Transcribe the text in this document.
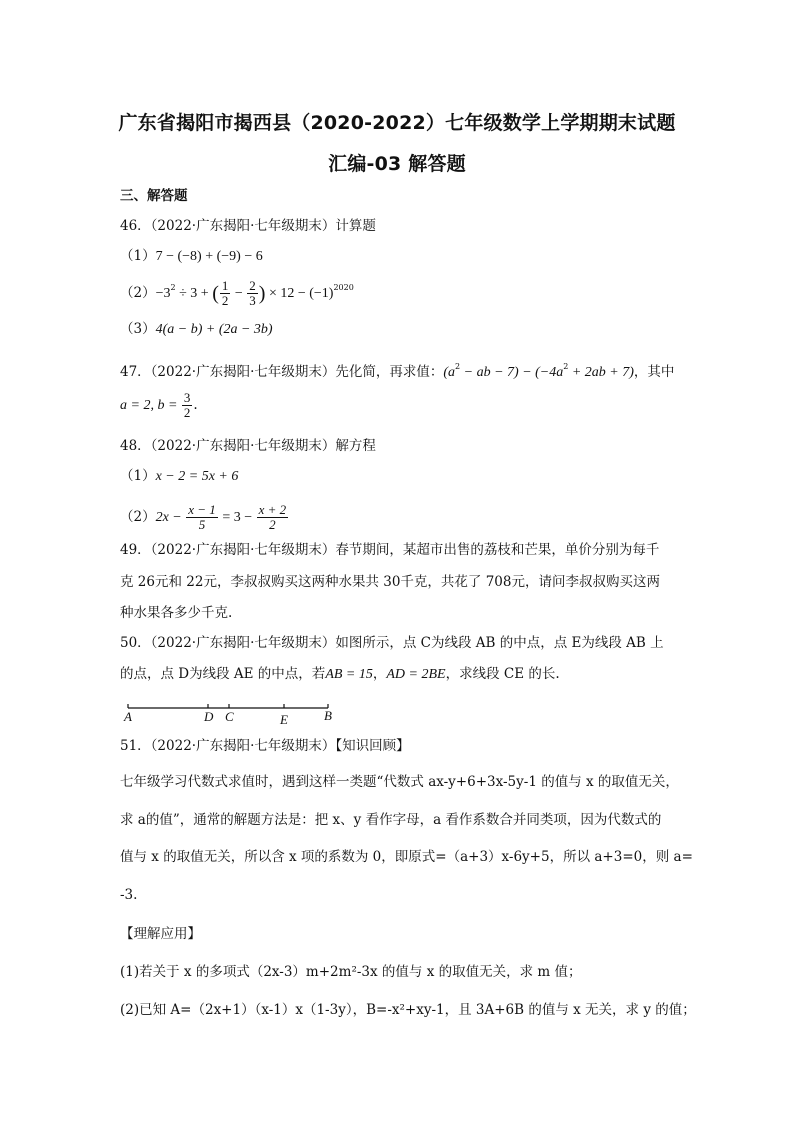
广东省揭阳市揭西县（2020-2022）七年级数学上学期期末试题
汇编-03 解答题
三、解答题
46．（2022·广东揭阳·七年级期末）计算题
（1）7 − (−8) + (−9) − 6
$(2)-3^2 \div 3$ + ( $\frac{1}{2} - \frac{2}{3}$ ) × $12 - (-1)^{2020}$
（3）4(a − b) + (2a − 3b)
47．（2022·广东揭阳·七年级期末）先化简，再求值：($a^2$ − ab − $7) - (-4a^2 + 2ab + 7)$，其中
a = 2, $b = \frac{3}{2}$ .
48．（2022·广东揭阳·七年级期末）解方程
（1）x − 2 = 5x + 6
$(2)2x - \frac{x - 1}{5} = 3 - \frac{x + 2}{2}$
49．（2022·广东揭阳·七年级期末）春节期间，某超市出售的荔枝和芒果，单价分别为每千
克 26元和 22元，李叔叔购买这两种水果共 30千克，共花了 708元，请问李叔叔购买这两
种水果各多少千克.
50．（2022·广东揭阳·七年级期末）如图所示，点 C为线段 AB 的中点，点 E为线段 AB 上
的点，点 D为线段 AE 的中点，若AB = 15，AD = 2BE，求线段 CE 的长.
A	D C	E	B
51．（2022·广东揭阳·七年级期末）【知识回顾】
七年级学习代数式求值时，遇到这样一类题“代数式 ax-y+6+3x-5y-1 的值与 x 的取值无关，
求 a的值”，通常的解题方法是：把 x、y 看作字母，a 看作系数合并同类项，因为代数式的
值与 x 的取值无关，所以含 x 项的系数为 0，即原式=（a+3）x-6y+5，所以 a+3=0，则 a=
-3.
【理解应用】
(1)若关于 x 的多项式（2x-3）m+2m²-3x 的值与 x 的取值无关，求 m 值；
(2)已知 A=（2x+1）（x-1）x（1-3y），B=-x²+xy-1，且 3A+6B 的值与 x 无关，求 y 的值；
